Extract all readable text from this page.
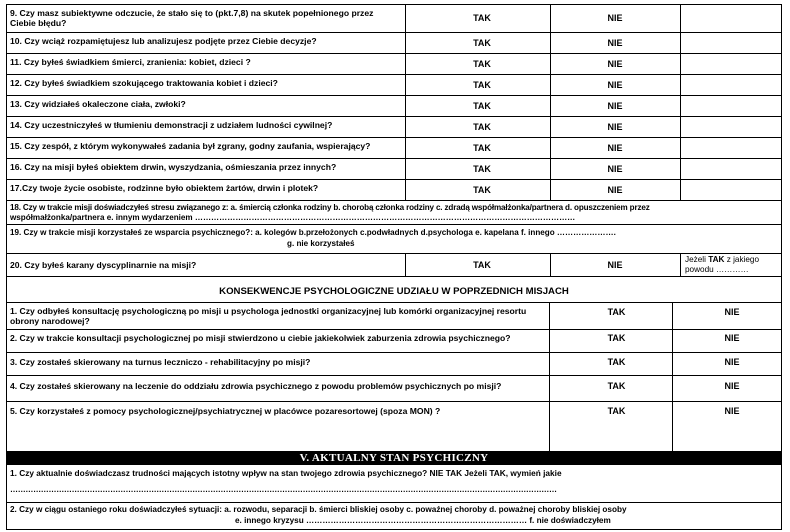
9. Czy masz subiektywne odczucie, że stało się to (pkt.7,8) na skutek popełnionego przez Ciebie błędu?	TAK	NIE
10. Czy wciąż rozpamiętujesz lub analizujesz podjęte przez Ciebie decyzje?	TAK	NIE
11. Czy byłeś świadkiem śmierci, zranienia: kobiet, dzieci ?	TAK	NIE
12. Czy byłeś świadkiem szokującego traktowania kobiet i dzieci?	TAK	NIE
13. Czy widziałeś okaleczone ciała, zwłoki?	TAK	NIE
14. Czy uczestniczyłeś w tłumieniu demonstracji z udziałem ludności cywilnej?	TAK	NIE
15. Czy zespół, z którym wykonywałeś zadania był zgrany, godny zaufania, wspierający?	TAK	NIE
16. Czy na misji byłeś obiektem drwin, wyszydzania, ośmieszania przez innych?	TAK	NIE
17.Czy twoje życie osobiste, rodzinne było obiektem żartów, drwin i plotek?	TAK	NIE
18. Czy w trakcie misji doświadczyłeś stresu związanego z: a. śmiercią członka rodziny b. chorobą członka rodziny c. zdradą współmałżonka/partnera d. opuszczeniem przez
współmałżonka/partnera e. innym wydarzeniem ……………………………………………………………………………………………………………………………
19. Czy w trakcie misji korzystałeś ze wsparcia psychicznego?: a. kolegów b.przełożonych c.podwładnych d.psychologa e. kapelana f. innego ………………….
g. nie korzystałeś
20. Czy byłeś karany dyscyplinarnie na misji?	TAK	NIE
Jeżeli TAK z jakiego powodu …………
KONSEKWENCJE PSYCHOLOGICZNE UDZIAŁU W POPRZEDNICH MISJACH
1. Czy odbyłeś konsultację psychologiczną po misji u psychologa jednostki organizacyjnej lub komórki organizacyjnej resortu obrony narodowej?
TAK	NIE
2. Czy w trakcie konsultacji psychologicznej po misji stwierdzono u ciebie jakiekolwiek zaburzenia zdrowia psychicznego?	TAK	NIE
3. Czy zostałeś skierowany na turnus leczniczo - rehabilitacyjny po misji?	TAK	NIE
4. Czy zostałeś skierowany na leczenie do oddziału zdrowia psychicznego z powodu problemów psychicznych po misji?	TAK	NIE
5. Czy korzystałeś z pomocy psychologicznej/psychiatrycznej w placówce pozaresortowej (spoza MON) ?	TAK	NIE
V. AKTUALNY STAN PSYCHICZNY
1. Czy aktualnie doświadczasz trudności mających istotny wpływ na stan twojego zdrowia psychicznego? NIE TAK Jeżeli TAK, wymień jakie
……………………………………………………………………………………………………………………………………………………………………………………………
2. Czy w ciągu ostaniego roku doświadczyłeś sytuacji: a. rozwodu, separacji b. śmierci bliskiej osoby c. powaźnej choroby d. poważnej choroby bliskiej osoby
e. innego kryzysu ……………………………………………………………………… f. nie doświadczyłem
